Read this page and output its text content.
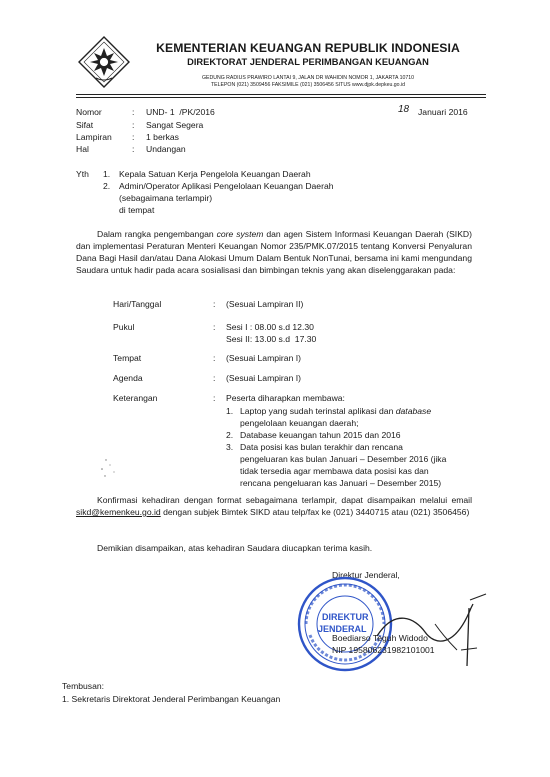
KEMENTERIAN KEUANGAN REPUBLIK INDONESIA
DIREKTORAT JENDERAL PERIMBANGAN KEUANGAN
GEDUNG RADIUS PRAWIRO LANTAI 9, JALAN DR WAHIDIN NOMOR 1, JAKARTA 10710
TELEPON (021) 3509456 FAKSIMILE (021) 3506456 SITUS www.djpk.depkeu.go.id
Nomor	: UND- 1  /PK/2016
Sifat	: Sangat Segera
Lampiran : 1 berkas
Hal	: Undangan
18 Januari 2016
Yth 1. Kepala Satuan Kerja Pengelola Keuangan Daerah
2. Admin/Operator Aplikasi Pengelolaan Keuangan Daerah
(sebagaimana terlampir)
di tempat
Dalam rangka pengembangan core system dan agen Sistem Informasi Keuangan Daerah (SIKD) dan implementasi Peraturan Menteri Keuangan Nomor 235/PMK.07/2015 tentang Konversi Penyaluran Dana Bagi Hasil dan/atau Dana Alokasi Umum Dalam Bentuk NonTunai, bersama ini kami mengundang Saudara untuk hadir pada acara sosialisasi dan bimbingan teknis yang akan diselenggarakan pada:
Hari/Tanggal	: (Sesuai Lampiran II)
Pukul	: Sesi I : 08.00 s.d 12.30
Sesi II: 13.00 s.d  17.30
Tempat	: (Sesuai Lampiran I)
Agenda	: (Sesuai Lampiran I)
Keterangan	: Peserta diharapkan membawa:
1. Laptop yang sudah terinstal aplikasi dan database
pengelolaan keuangan daerah;
2. Database keuangan tahun 2015 dan 2016
3. Data posisi kas bulan terakhir dan rencana
pengeluaran kas bulan Januari – Desember 2016 (jika
tidak tersedia agar membawa data posisi kas dan
rencana pengeluaran kas Januari – Desember 2015)
Konfirmasi kehadiran dengan format sebagaimana terlampir, dapat disampaikan melalui email sikd@kemenkeu.go.id dengan subjek Bimtek SIKD atau telp/fax ke (021) 3440715 atau (021) 3506456)
Demikian disampaikan, atas kehadiran Saudara diucapkan terima kasih.
Direktur Jenderal,
DIREKTUR
JENDERAL
Boediarso Teguh Widodo
NIP 195806231982101001
Tembusan:
1. Sekretaris Direktorat Jenderal Perimbangan Keuangan
